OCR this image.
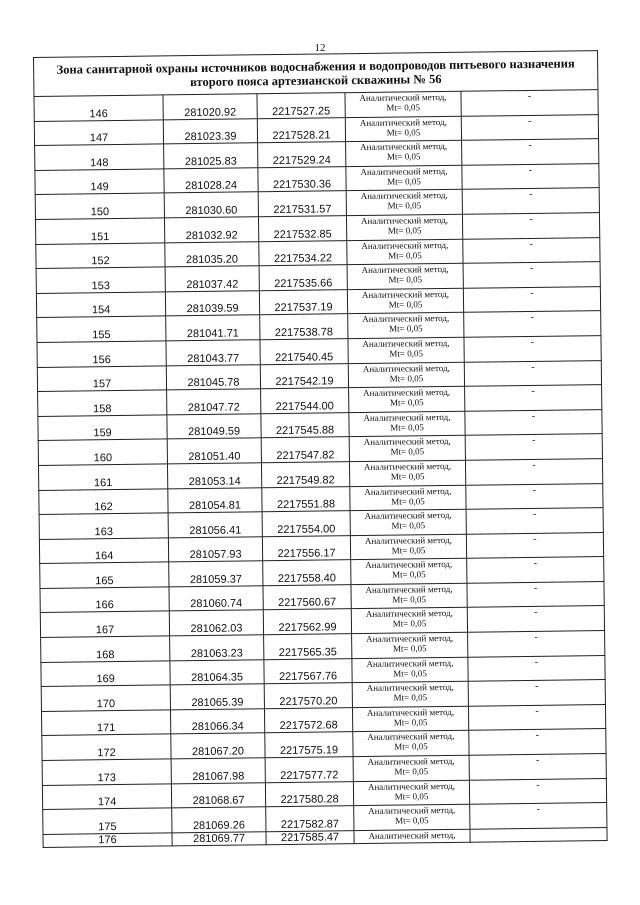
12
Зона санитарной охраны источников водоснабжения и водопроводов питьевого назначения второго пояса артезианской скважины № 56				
146	281020.92	2217527.25	Аналитический метод,
Mt= 0,05	-
147	281023.39	2217528.21	Аналитический метод,
Mt= 0,05	-
148	281025.83	2217529.24	Аналитический метод,
Mt= 0,05	-
149	281028.24	2217530.36	Аналитический метод,
Mt= 0,05	-
150	281030.60	2217531.57	Аналитический метод,
Mt= 0,05	-
151	281032.92	2217532.85	Аналитический метод,
Mt= 0,05	-
152	281035.20	2217534.22	Аналитический метод,
Mt= 0,05	-
153	281037.42	2217535.66	Аналитический метод,
Mt= 0,05	-
154	281039.59	2217537.19	Аналитический метод,
Mt= 0,05	-
155	281041.71	2217538.78	Аналитический метод,
Mt= 0,05	-
156	281043.77	2217540.45	Аналитический метод,
Mt= 0,05	-
157	281045.78	2217542.19	Аналитический метод,
Mt= 0,05	-
158	281047.72	2217544.00	Аналитический метод,
Mt= 0,05	-
159	281049.59	2217545.88	Аналитический метод,
Mt= 0,05	-
160	281051.40	2217547.82	Аналитический метод,
Mt= 0,05	-
161	281053.14	2217549.82	Аналитический метод,
Mt= 0,05	-
162	281054.81	2217551.88	Аналитический метод,
Mt= 0,05	-
163	281056.41	2217554.00	Аналитический метод,
Mt= 0,05	-
164	281057.93	2217556.17	Аналитический метод,
Mt= 0,05	-
165	281059.37	2217558.40	Аналитический метод,
Mt= 0,05	-
166	281060.74	2217560.67	Аналитический метод,
Mt= 0,05	-
167	281062.03	2217562.99	Аналитический метод,
Mt= 0,05	-
168	281063.23	2217565.35	Аналитический метод,
Mt= 0,05	-
169	281064.35	2217567.76	Аналитический метод,
Mt= 0,05	-
170	281065.39	2217570.20	Аналитический метод,
Mt= 0,05	-
171	281066.34	2217572.68	Аналитический метод,
Mt= 0,05	-
172	281067.20	2217575.19	Аналитический метод,
Mt= 0,05	-
173	281067.98	2217577.72	Аналитический метод,
Mt= 0,05	-
174	281068.67	2217580.28	Аналитический метод,
Mt= 0,05	-
175	281069.26	2217582.87	Аналитический метод,
Mt= 0,05	-
176	281069.77	2217585.47	Аналитический метод,	
